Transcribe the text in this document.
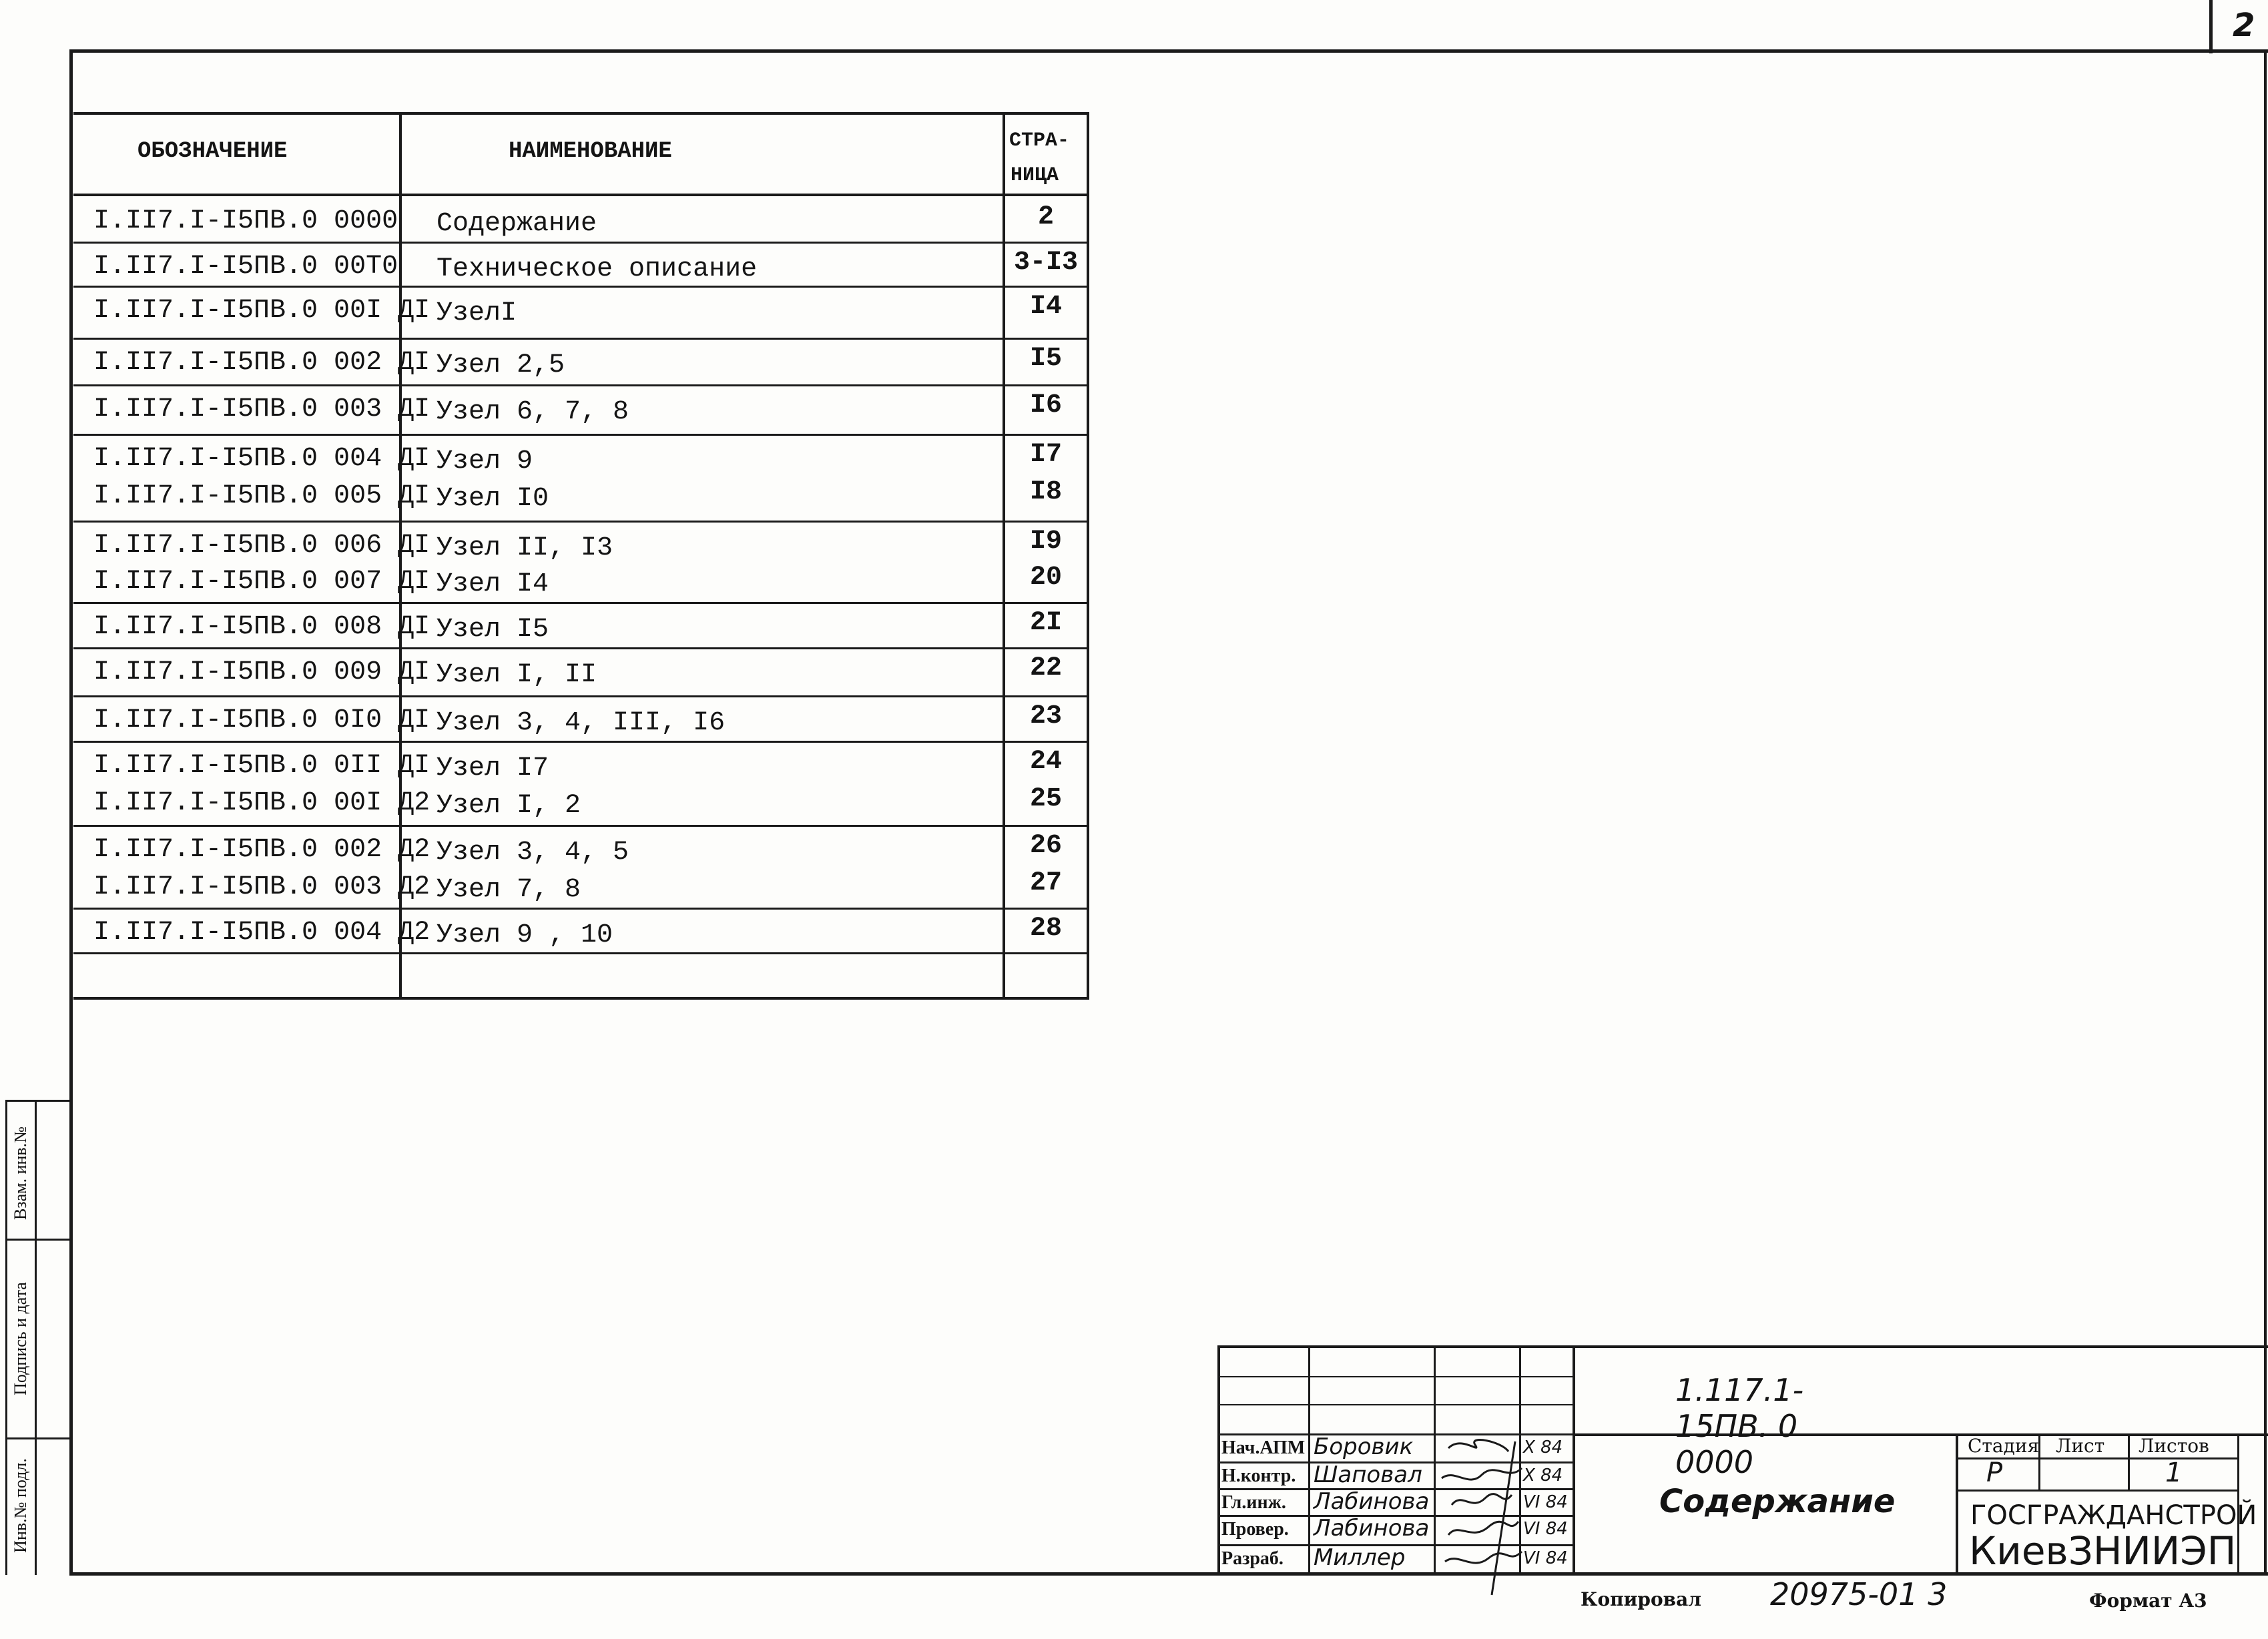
2
Взам. инв.№
Подпись и дата
Инв.№ подл.
ОБОЗНАЧЕНИЕ	НАИМЕНОВАНИЕ	СТРА-
НИЦА
I.II7.I-I5ПВ.0 0000 Содержание	2
I.II7.I-I5ПВ.0 00Т0 Техническое описание	3-I3
I.II7.I-I5ПВ.0 00I ДI УзелI	I4
I.II7.I-I5ПВ.0 002 ДI Узел 2,5	I5
I.II7.I-I5ПВ.0 003 ДI Узел 6, 7, 8	I6
I.II7.I-I5ПВ.0 004 ДI Узел 9	I7
I.II7.I-I5ПВ.0 005 ДI Узел I0	I8
I.II7.I-I5ПВ.0 006 ДI Узел II, I3	I9
I.II7.I-I5ПВ.0 007 ДI Узел I4	20
I.II7.I-I5ПВ.0 008 ДI Узел I5	2I
I.II7.I-I5ПВ.0 009 ДI Узел I, II	22
I.II7.I-I5ПВ.0 0I0 ДI Узел 3, 4, III, I6	23
I.II7.I-I5ПВ.0 0II ДI Узел I7	24
I.II7.I-I5ПВ.0 00I Д2 Узел I, 2	25
I.II7.I-I5ПВ.0 002 Д2 Узел 3, 4, 5	26
I.II7.I-I5ПВ.0 003 Д2 Узел 7, 8	27
I.II7.I-I5ПВ.0 004 Д2 Узел 9 , 10	28
1.117.1- 15ПВ. 0 0000
Содержание
Стадия Лист Листов
Р	1
ГОСГРАЖДАНСТРОЙ
КиевЗНИИЭП
Нач.АПМ Боровик	X 84
Н.контр. Шаповал	X 84
Гл.инж. Лабинова	VI 84
Провер. Лабинова	VI 84
Разраб. Миллер	VI 84
Копировал 20975-01 3	Формат А3
